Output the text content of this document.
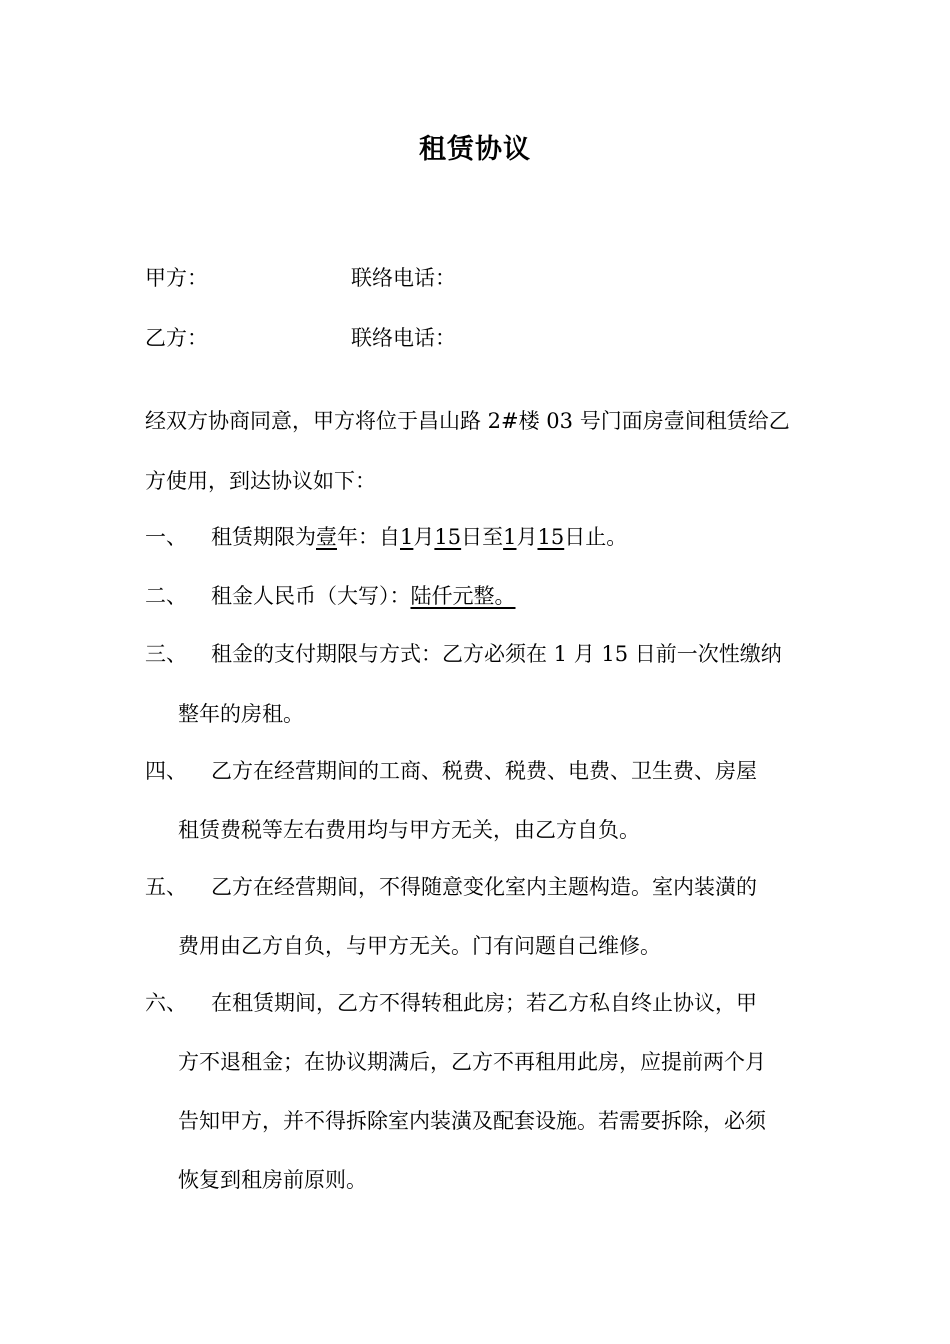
租赁协议
甲方：	联络电话：
乙方：	联络电话：
经双方协商同意，甲方将位于昌山路 2#楼 03 号门面房壹间租赁给乙
方使用，到达协议如下：
一、 租赁期限为壹年：自1月15日至1月15日止。
二、 租金人民币（大写）：陆仟元整。
三、 租金的支付期限与方式：乙方必须在 1 月 15 日前一次性缴纳
整年的房租。
四、 乙方在经营期间的工商、税费、税费、电费、卫生费、房屋
租赁费税等左右费用均与甲方无关，由乙方自负。
五、 乙方在经营期间，不得随意变化室内主题构造。室内装潢的
费用由乙方自负，与甲方无关。门有问题自己维修。
六、 在租赁期间，乙方不得转租此房；若乙方私自终止协议，甲
方不退租金；在协议期满后，乙方不再租用此房，应提前两个月
告知甲方，并不得拆除室内装潢及配套设施。若需要拆除，必须
恢复到租房前原则。
